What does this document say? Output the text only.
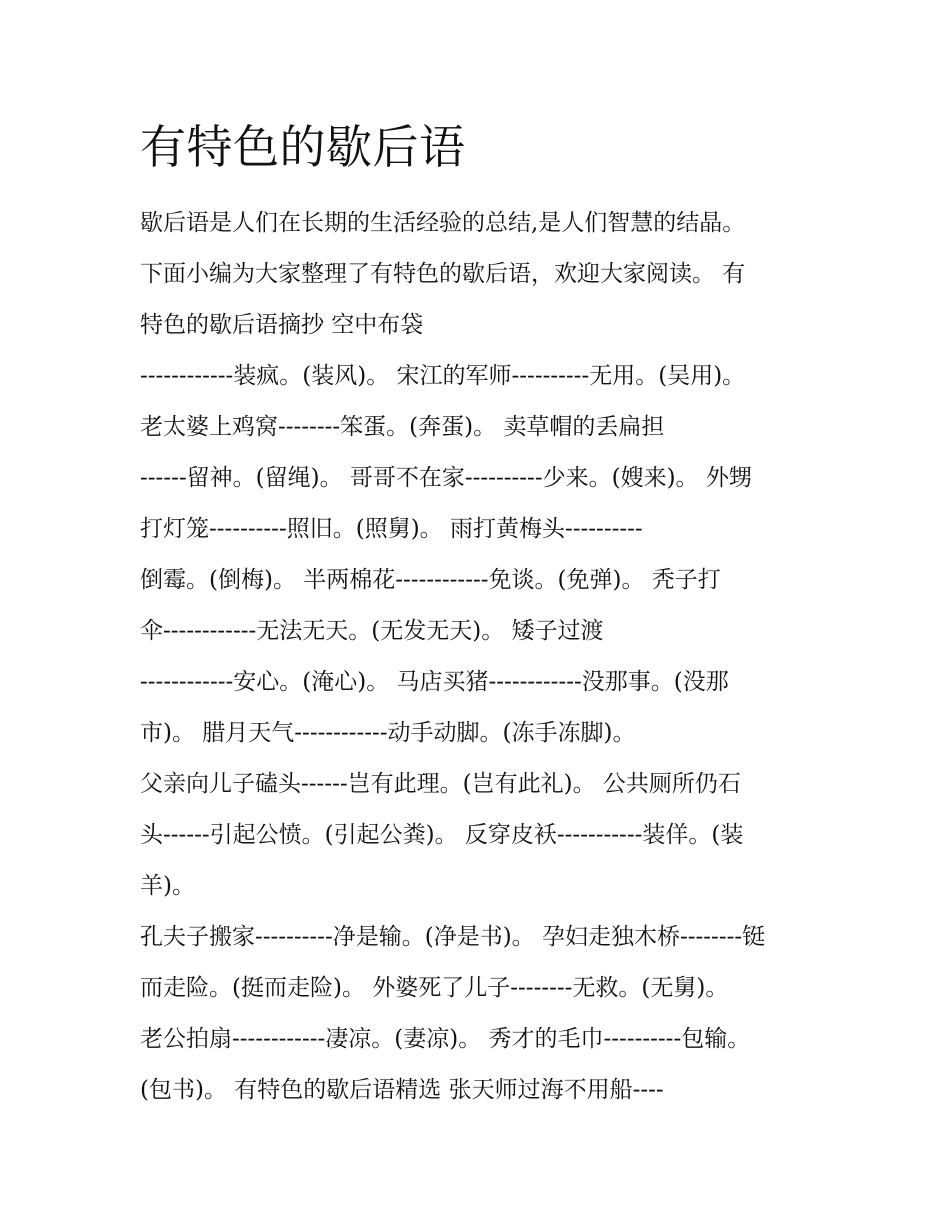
有特色的歇后语
歇后语是人们在长期的生活经验的总结,是人们智慧的结晶。
下面小编为大家整理了有特色的歇后语，欢迎大家阅读。 有
特色的歇后语摘抄 空中布袋
------------装疯。(装风)。 宋江的军师----------无用。(吴用)。
老太婆上鸡窝--------笨蛋。(奔蛋)。 卖草帽的丢扁担
------留神。(留绳)。 哥哥不在家----------少来。(嫂来)。 外甥
打灯笼----------照旧。(照舅)。 雨打黄梅头----------
倒霉。(倒梅)。 半两棉花------------免谈。(免弹)。 秃子打
伞------------无法无天。(无发无天)。 矮子过渡
------------安心。(淹心)。 马店买猪------------没那事。(没那
市)。 腊月天气------------动手动脚。(冻手冻脚)。
父亲向儿子磕头------岂有此理。(岂有此礼)。 公共厕所仍石
头------引起公愤。(引起公粪)。 反穿皮袄-----------装佯。(装
羊)。
孔夫子搬家----------净是输。(净是书)。 孕妇走独木桥--------铤
而走险。(挺而走险)。 外婆死了儿子--------无救。(无舅)。
老公拍扇------------凄凉。(妻凉)。 秀才的毛巾----------包输。
(包书)。 有特色的歇后语精选 张天师过海不用船----
